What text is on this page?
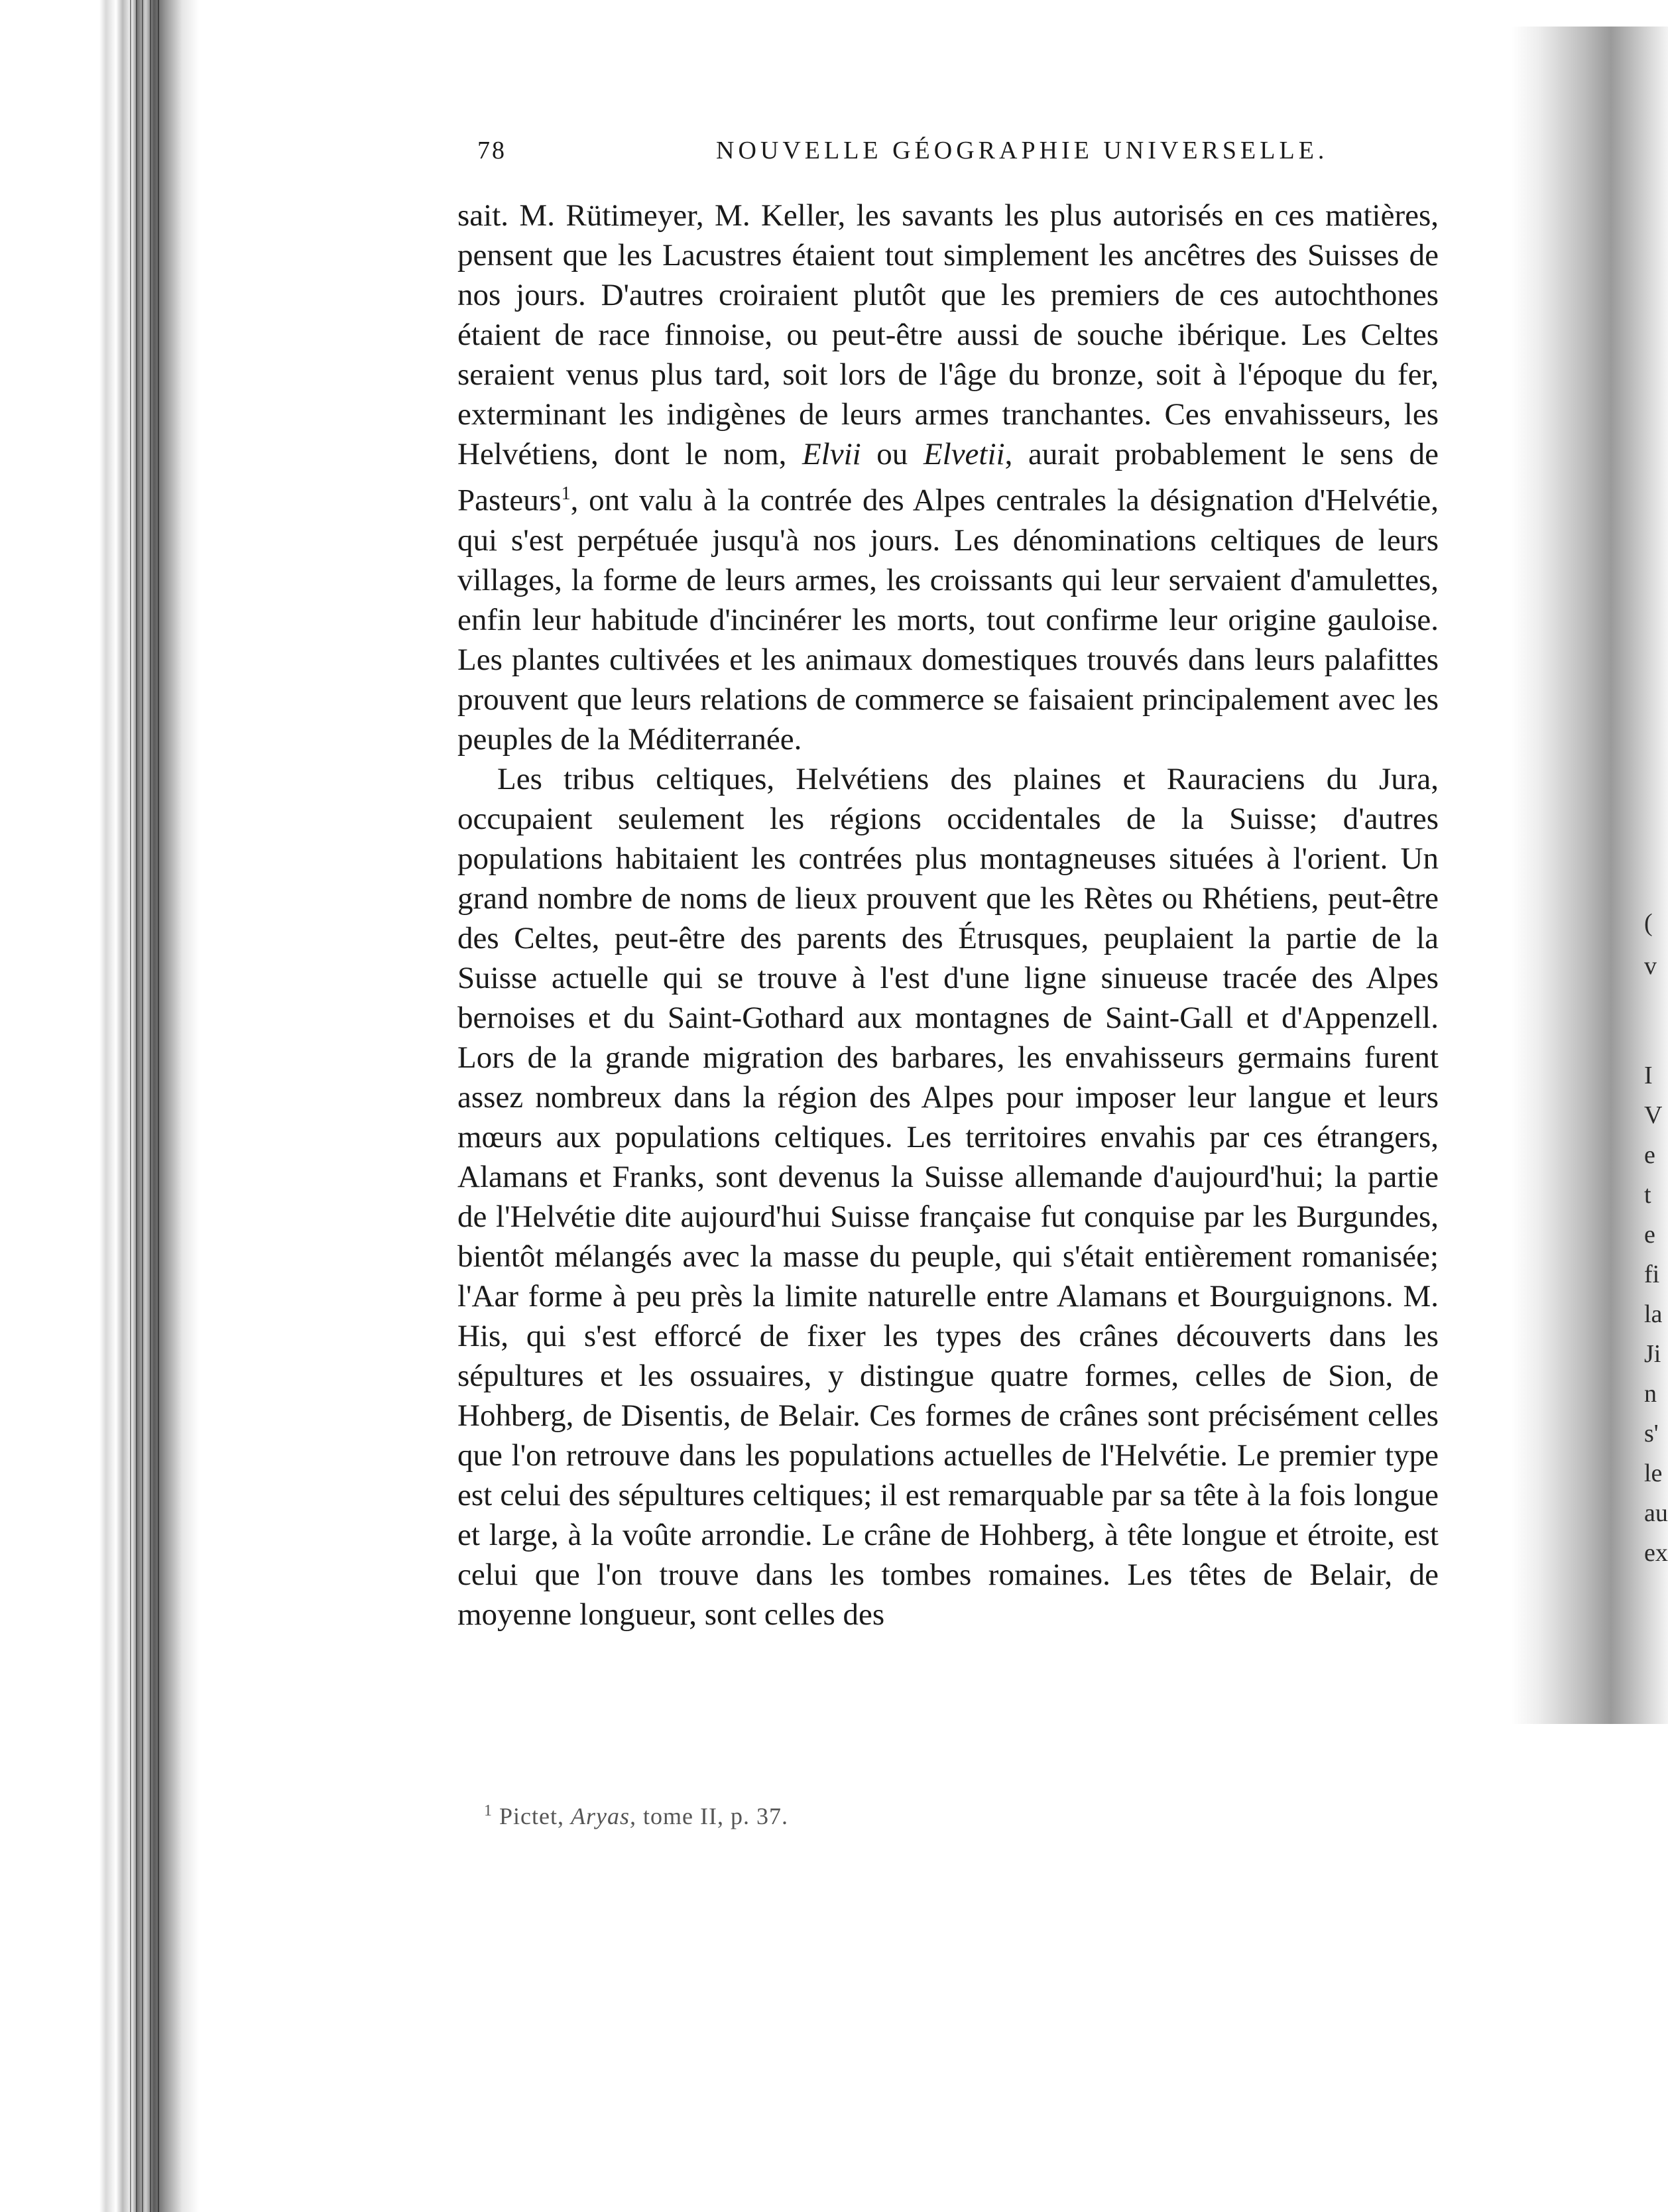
(
v
I
V
e
t
e
fi
la
Ji
n
s'
le
au
ex
78	NOUVELLE GÉOGRAPHIE UNIVERSELLE.

sait. M. Rütimeyer, M. Keller, les savants les plus autorisés en ces matières, pensent que les Lacustres étaient tout simplement les ancêtres des Suisses de nos jours. D'autres croiraient plutôt que les premiers de ces autochthones étaient de race finnoise, ou peut-être aussi de souche ibérique. Les Celtes seraient venus plus tard, soit lors de l'âge du bronze, soit à l'époque du fer, exterminant les indigènes de leurs armes tranchantes. Ces envahisseurs, les Helvétiens, dont le nom, Elvii ou Elvetii, aurait probablement le sens de Pasteurs$^1$, ont valu à la contrée des Alpes centrales la désignation d'Helvétie, qui s'est perpétuée jusqu'à nos jours. Les dénominations celtiques de leurs villages, la forme de leurs armes, les croissants qui leur servaient d'amulettes, enfin leur habitude d'incinérer les morts, tout confirme leur origine gauloise. Les plantes cultivées et les animaux domestiques trouvés dans leurs palafittes prouvent que leurs relations de commerce se faisaient principalement avec les peuples de la Méditerranée.

Les tribus celtiques, Helvétiens des plaines et Rauraciens du Jura, occupaient seulement les régions occidentales de la Suisse; d'autres populations habitaient les contrées plus montagneuses situées à l'orient. Un grand nombre de noms de lieux prouvent que les Rètes ou Rhétiens, peut-être des Celtes, peut-être des parents des Étrusques, peuplaient la partie de la Suisse actuelle qui se trouve à l'est d'une ligne sinueuse tracée des Alpes bernoises et du Saint-Gothard aux montagnes de Saint-Gall et d'Appenzell. Lors de la grande migration des barbares, les envahisseurs germains furent assez nombreux dans la région des Alpes pour imposer leur langue et leurs mœurs aux populations celtiques. Les territoires envahis par ces étrangers, Alamans et Franks, sont devenus la Suisse allemande d'aujourd'hui; la partie de l'Helvétie dite aujourd'hui Suisse française fut conquise par les Burgundes, bientôt mélangés avec la masse du peuple, qui s'était entièrement romanisée; l'Aar forme à peu près la limite naturelle entre Alamans et Bourguignons. M. His, qui s'est efforcé de fixer les types des crânes découverts dans les sépultures et les ossuaires, y distingue quatre formes, celles de Sion, de Hohberg, de Disentis, de Belair. Ces formes de crânes sont précisément celles que l'on retrouve dans les populations actuelles de l'Helvétie. Le premier type est celui des sépultures celtiques; il est remarquable par sa tête à la fois longue et large, à la voûte arrondie. Le crâne de Hohberg, à tête longue et étroite, est celui que l'on trouve dans les tombes romaines. Les têtes de Belair, de moyenne longueur, sont celles des

$^1$ Pictet, Aryas, tome II, p. 37.
